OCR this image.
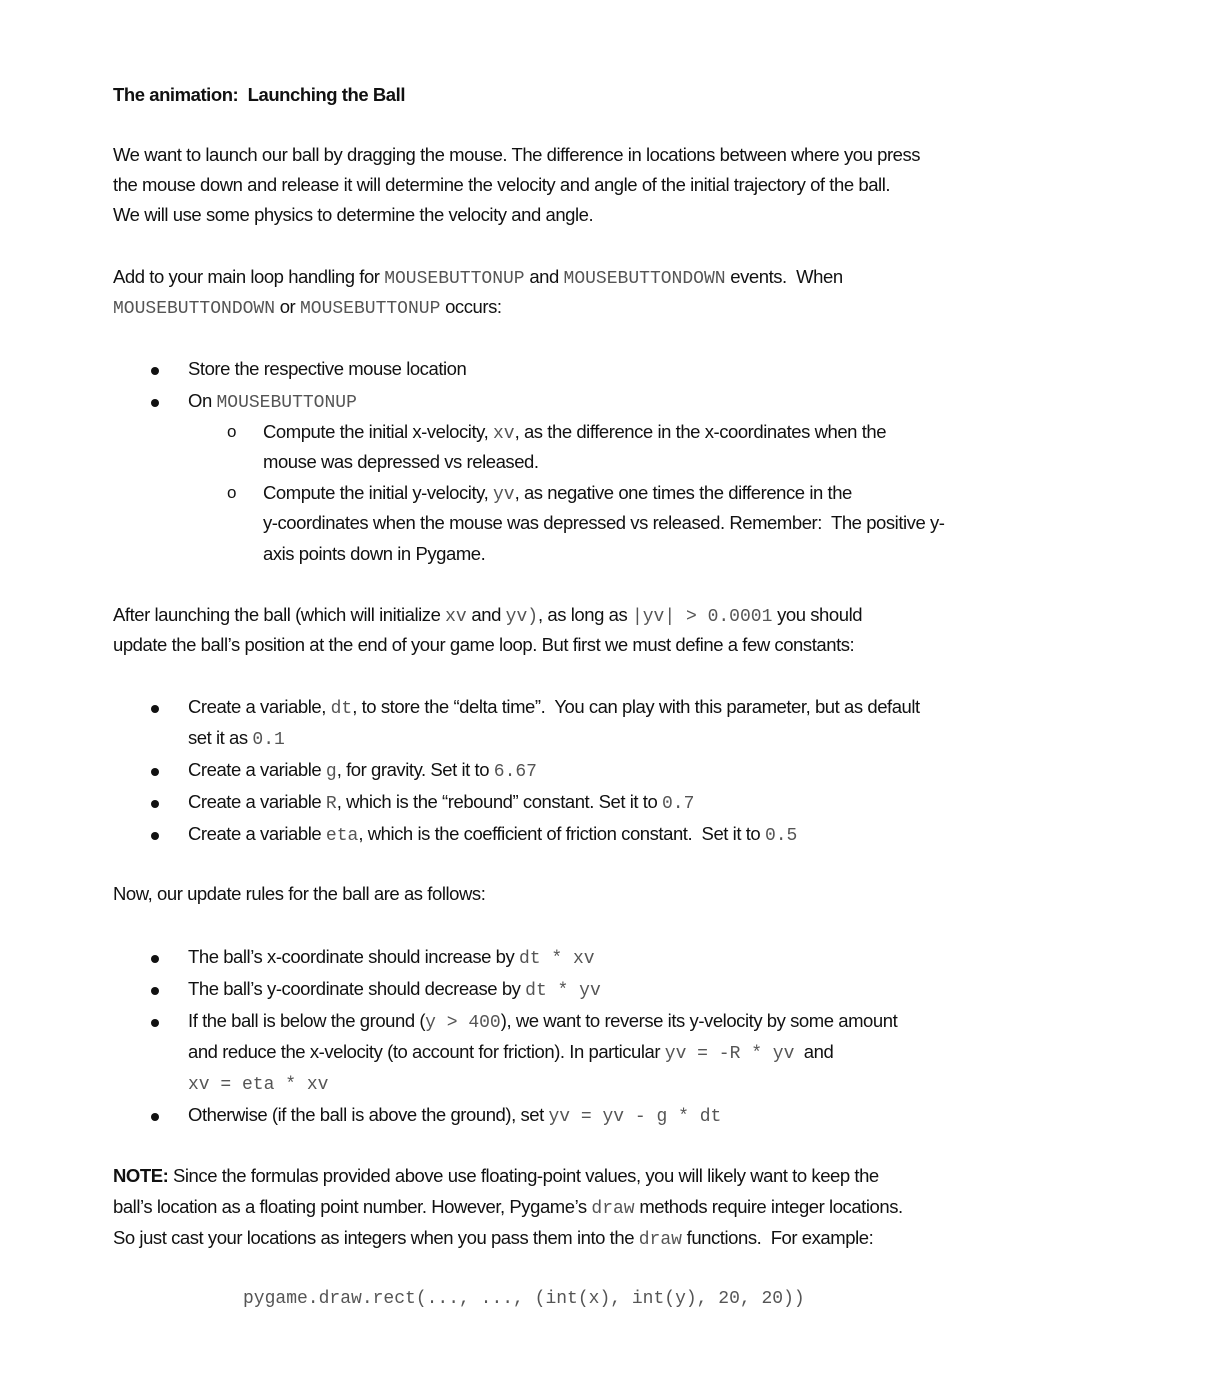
The animation:  Launching the Ball
We want to launch our ball by dragging the mouse. The difference in locations between where you press
the mouse down and release it will determine the velocity and angle of the initial trajectory of the ball.
We will use some physics to determine the velocity and angle.
Add to your main loop handling for MOUSEBUTTONUP and MOUSEBUTTONDOWN events.  When
MOUSEBUTTONDOWN or MOUSEBUTTONUP occurs:
Store the respective mouse location
On MOUSEBUTTONUP
Compute the initial x-velocity, xv, as the difference in the x-coordinates when the
o
mouse was depressed vs released.
Compute the initial y-velocity, yv, as negative one times the difference in the
o
y-coordinates when the mouse was depressed vs released. Remember:  The positive y-
axis points down in Pygame.
After launching the ball (which will initialize xv and yv), as long as |yv| > 0.0001 you should
update the ball’s position at the end of your game loop. But first we must define a few constants:
Create a variable, dt, to store the “delta time”.  You can play with this parameter, but as default
set it as 0.1
Create a variable g, for gravity. Set it to 6.67
Create a variable R, which is the “rebound” constant. Set it to 0.7
Create a variable eta, which is the coefficient of friction constant.  Set it to 0.5
Now, our update rules for the ball are as follows:
The ball’s x-coordinate should increase by dt * xv
The ball’s y-coordinate should decrease by dt * yv
If the ball is below the ground (y > 400), we want to reverse its y-velocity by some amount
and reduce the x-velocity (to account for friction). In particular yv = -R * yv  and
xv = eta * xv
Otherwise (if the ball is above the ground), set yv = yv - g * dt
NOTE: Since the formulas provided above use floating-point values, you will likely want to keep the
ball’s location as a floating point number. However, Pygame’s draw methods require integer locations.
So just cast your locations as integers when you pass them into the draw functions.  For example:
pygame.draw.rect(..., ..., (int(x), int(y), 20, 20))
